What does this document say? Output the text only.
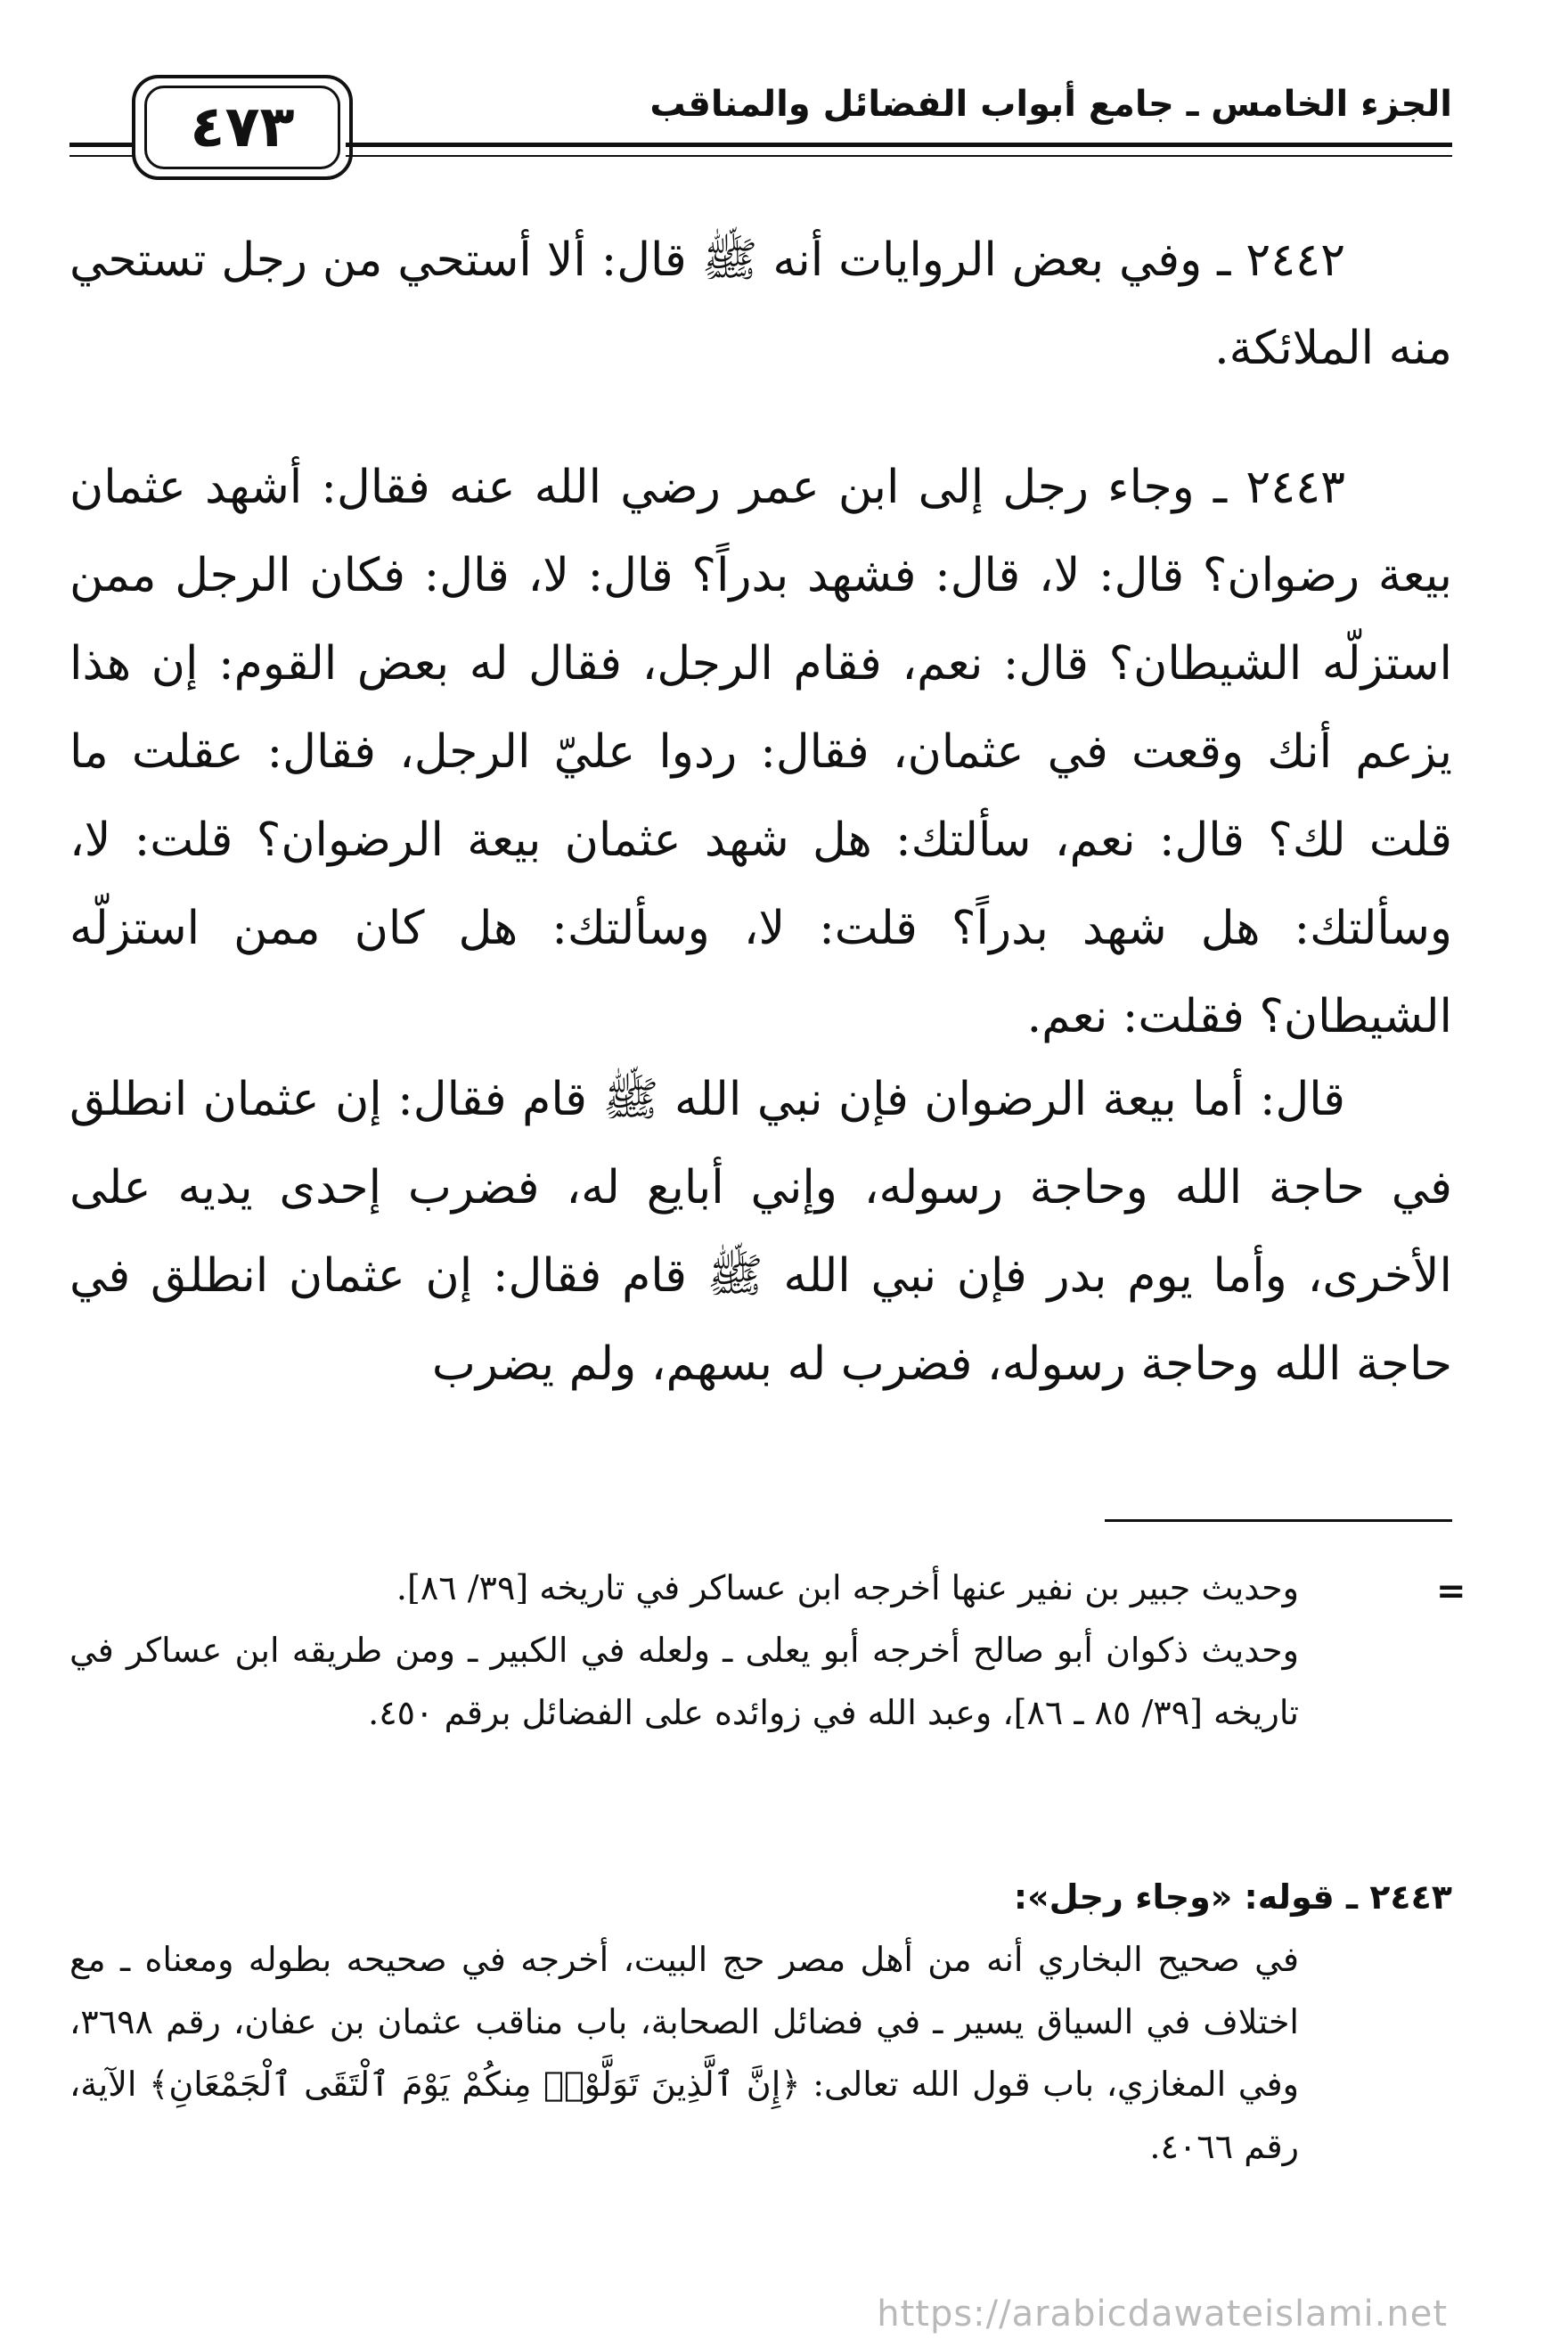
٤٧٣	الجزء الخامس ـ جامع أبواب الفضائل والمناقب

٢٤٤٢ ـ وفي بعض الروايات أنه ﷺ قال: ألا أستحي من رجل تستحي منه الملائكة.

٢٤٤٣ ـ وجاء رجل إلى ابن عمر رضي الله عنه فقال: أشهد عثمان بيعة رضوان؟ قال: لا، قال: فشهد بدراً؟ قال: لا، قال: فكان الرجل ممن استزلّه الشيطان؟ قال: نعم، فقام الرجل، فقال له بعض القوم: إن هذا يزعم أنك وقعت في عثمان، فقال: ردوا عليّ الرجل، فقال: عقلت ما قلت لك؟ قال: نعم، سألتك: هل شهد عثمان بيعة الرضوان؟ قلت: لا، وسألتك: هل شهد بدراً؟ قلت: لا، وسألتك: هل كان ممن استزلّه الشيطان؟ فقلت: نعم.

قال: أما بيعة الرضوان فإن نبي الله ﷺ قام فقال: إن عثمان انطلق في حاجة الله وحاجة رسوله، وإني أبايع له، فضرب إحدى يديه على الأخرى، وأما يوم بدر فإن نبي الله ﷺ قام فقال: إن عثمان انطلق في حاجة الله وحاجة رسوله، فضرب له بسهم، ولم يضرب

=
وحديث جبير بن نفير عنها أخرجه ابن عساكر في تاريخه [٣٩/ ٨٦].
وحديث ذكوان أبو صالح أخرجه أبو يعلى ـ ولعله في الكبير ـ ومن طريقه ابن عساكر في تاريخه [٣٩/ ٨٥ ـ ٨٦]، وعبد الله في زوائده على الفضائل برقم ٤٥٠.
٢٤٤٣ ـ قوله: «وجاء رجل»:
في صحيح البخاري أنه من أهل مصر حج البيت، أخرجه في صحيحه بطوله ومعناه ـ مع اختلاف في السياق يسير ـ في فضائل الصحابة، باب مناقب عثمان بن عفان، رقم ٣٦٩٨، وفي المغازي، باب قول الله تعالى: ﴿إِنَّ ٱلَّذِينَ تَوَلَّوْا۟ مِنكُمْ يَوْمَ ٱلْتَقَى ٱلْجَمْعَانِ﴾ الآية، رقم ٤٠٦٦.
https://arabicdawateislami.net
